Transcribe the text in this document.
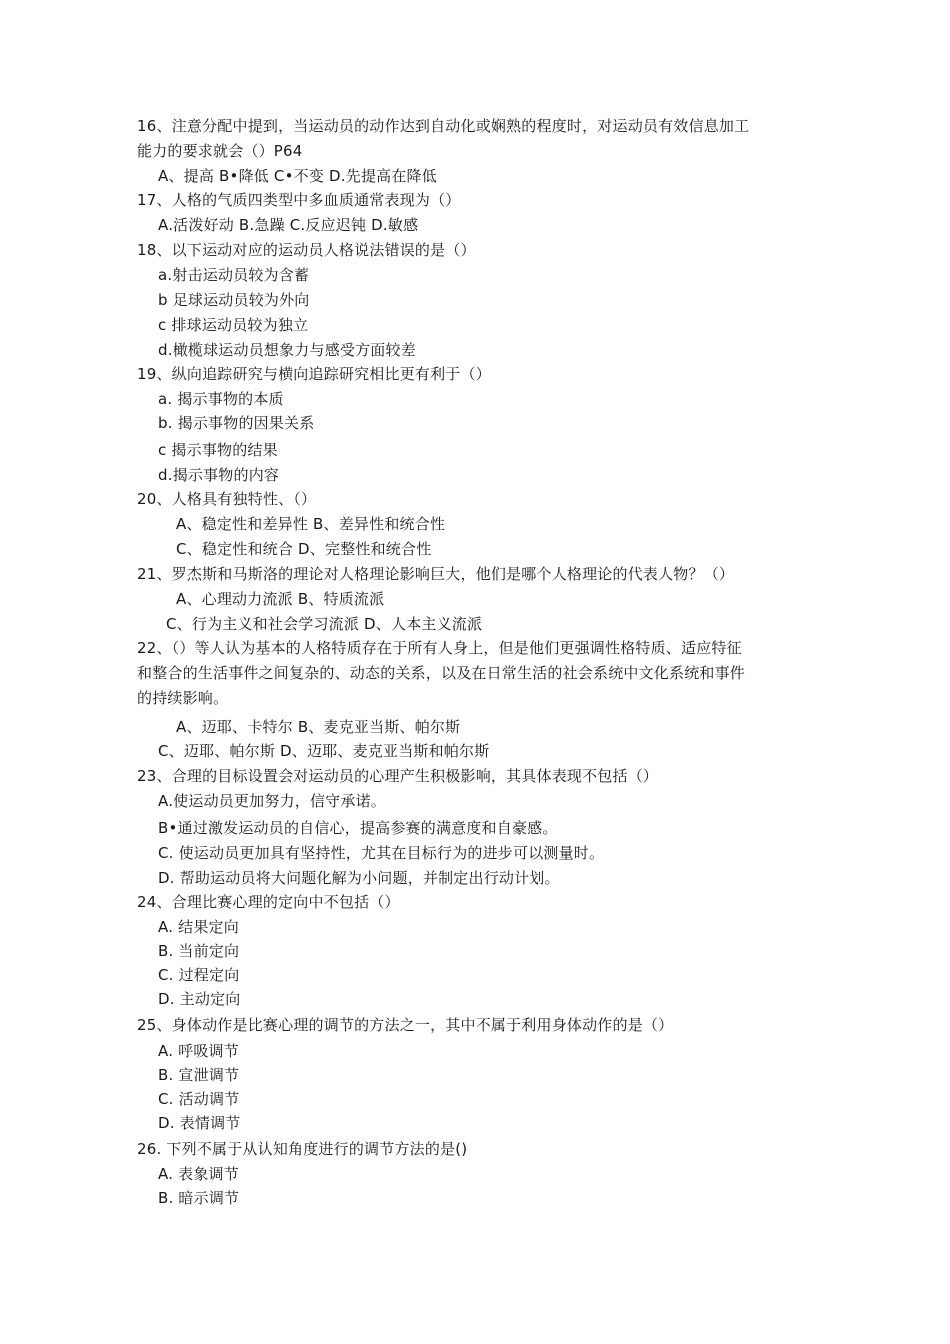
16、注意分配中提到，当运动员的动作达到自动化或娴熟的程度时，对运动员有效信息加工
能力的要求就会（）P64
A、提高 B•降低 C•不变 D.先提高在降低
17、人格的气质四类型中多血质通常表现为（）
A.活泼好动 B.急躁 C.反应迟钝 D.敏感
18、以下运动对应的运动员人格说法错误的是（）
a.射击运动员较为含蓄
b 足球运动员较为外向
c 排球运动员较为独立
d.橄榄球运动员想象力与感受方面较差
19、纵向追踪研究与横向追踪研究相比更有利于（）
a. 揭示事物的本质
b. 揭示事物的因果关系
c 揭示事物的结果
d.揭示事物的内容
20、人格具有独特性、（）
A、稳定性和差异性 B、差异性和统合性
C、稳定性和统合 D、完整性和统合性
21、罗杰斯和马斯洛的理论对人格理论影响巨大，他们是哪个人格理论的代表人物？（）
A、心理动力流派 B、特质流派
C、行为主义和社会学习流派 D、人本主义流派
22、（）等人认为基本的人格特质存在于所有人身上，但是他们更强调性格特质、适应特征
和整合的生活事件之间复杂的、动态的关系，以及在日常生活的社会系统中文化系统和事件
的持续影响。
A、迈耶、卡特尔 B、麦克亚当斯、帕尔斯
C、迈耶、帕尔斯 D、迈耶、麦克亚当斯和帕尔斯
23、合理的目标设置会对运动员的心理产生积极影响，其具体表现不包括（）
A.使运动员更加努力，信守承诺。
B•通过激发运动员的自信心，提高参赛的满意度和自豪感。
C. 使运动员更加具有坚持性，尤其在目标行为的进步可以测量时。
D. 帮助运动员将大问题化解为小问题，并制定出行动计划。
24、合理比赛心理的定向中不包括（）
A. 结果定向
B. 当前定向
C. 过程定向
D. 主动定向
25、身体动作是比赛心理的调节的方法之一，其中不属于利用身体动作的是（）
A. 呼吸调节
B. 宣泄调节
C. 活动调节
D. 表情调节
26. 下列不属于从认知角度进行的调节方法的是()
A. 表象调节
B. 暗示调节
